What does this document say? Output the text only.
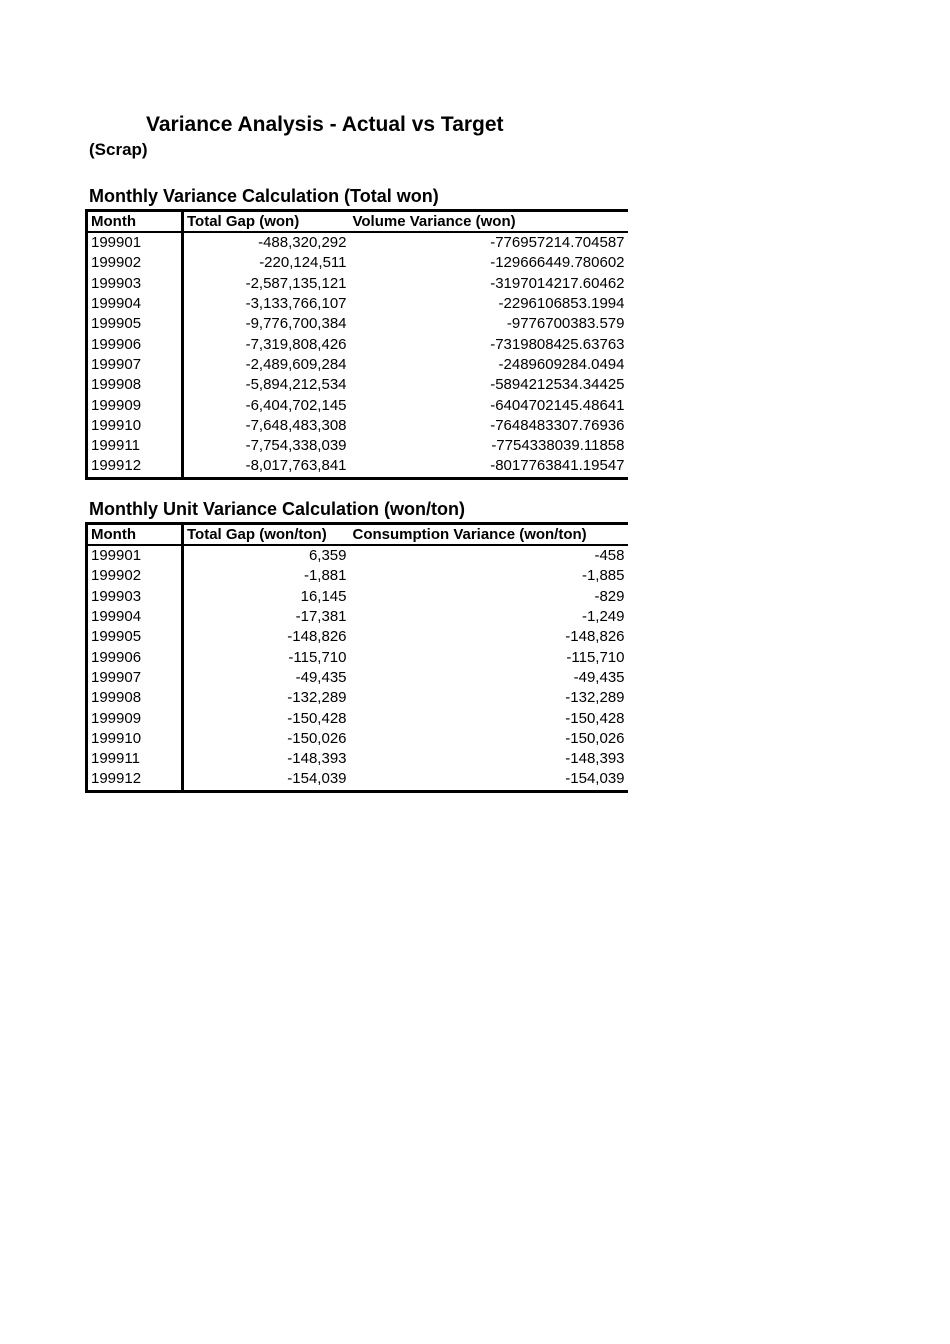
Variance Analysis - Actual vs Target
(Scrap)
Monthly Variance Calculation (Total won)
Month	Total Gap (won)	Volume Variance (won)
199901	-488,320,292	-776957214.704587
199902	-220,124,511	-129666449.780602
199903	-2,587,135,121	-3197014217.60462
199904	-3,133,766,107	-2296106853.1994
199905	-9,776,700,384	-9776700383.579
199906	-7,319,808,426	-7319808425.63763
199907	-2,489,609,284	-2489609284.0494
199908	-5,894,212,534	-5894212534.34425
199909	-6,404,702,145	-6404702145.48641
199910	-7,648,483,308	-7648483307.76936
199911	-7,754,338,039	-7754338039.11858
199912	-8,017,763,841	-8017763841.19547
Monthly Unit Variance Calculation (won/ton)
Month	Total Gap (won/ton)	Consumption Variance (won/ton)
199901	6,359	-458
199902	-1,881	-1,885
199903	16,145	-829
199904	-17,381	-1,249
199905	-148,826	-148,826
199906	-115,710	-115,710
199907	-49,435	-49,435
199908	-132,289	-132,289
199909	-150,428	-150,428
199910	-150,026	-150,026
199911	-148,393	-148,393
199912	-154,039	-154,039
